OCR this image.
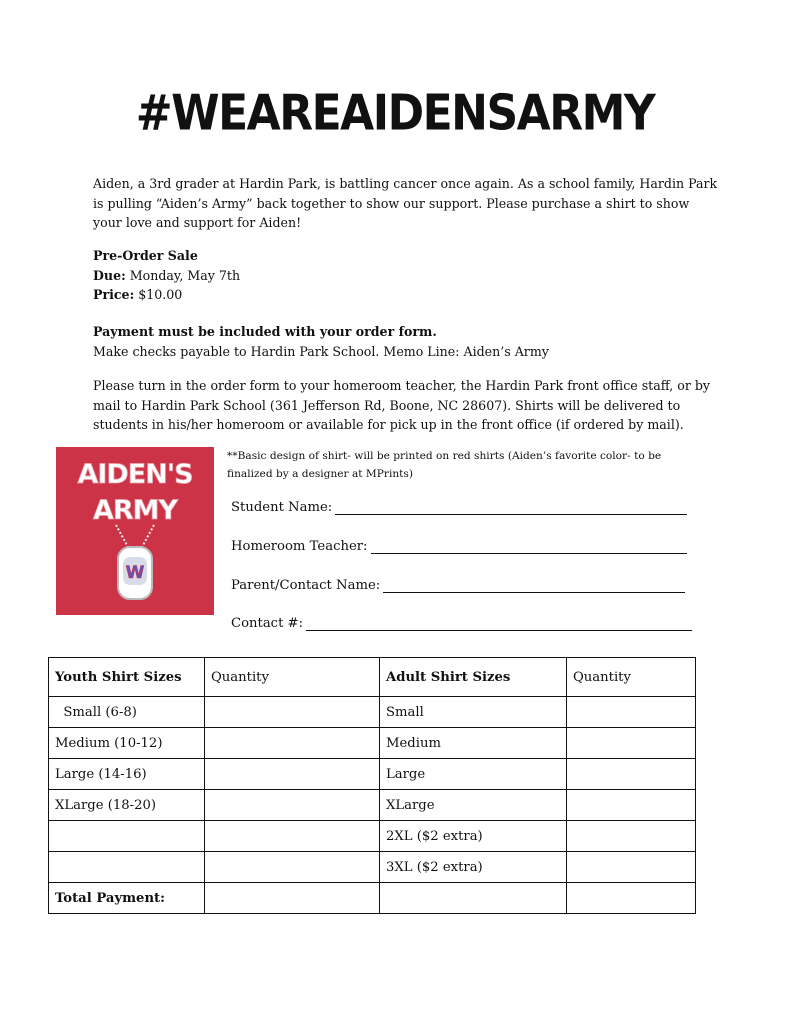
#WEAREAIDENSARMY
Aiden, a 3rd grader at Hardin Park, is battling cancer once again. As a school family, Hardin Park
is pulling “Aiden’s Army” back together to show our support. Please purchase a shirt to show
your love and support for Aiden!
Pre-Order Sale
Due: Monday, May 7th
Price: $10.00
Payment must be included with your order form.
Make checks payable to Hardin Park School. Memo Line: Aiden’s Army
Please turn in the order form to your homeroom teacher, the Hardin Park front office staff, or by
mail to Hardin Park School (361 Jefferson Rd, Boone, NC 28607). Shirts will be delivered to
students in his/her homeroom or available for pick up in the front office (if ordered by mail).
AIDEN'S
ARMY
W
**Basic design of shirt- will be printed on red shirts (Aiden’s favorite color- to be
finalized by a designer at MPrints)
Student Name:
Homeroom Teacher:
Parent/Contact Name:
Contact #:
Youth Shirt Sizes	Quantity	Adult Shirt Sizes	Quantity
Small (6-8)		Small	
Medium (10-12)		Medium	
Large (14-16)		Large	
XLarge (18-20)		XLarge	
		2XL ($2 extra)	
		3XL ($2 extra)	
Total Payment:			
